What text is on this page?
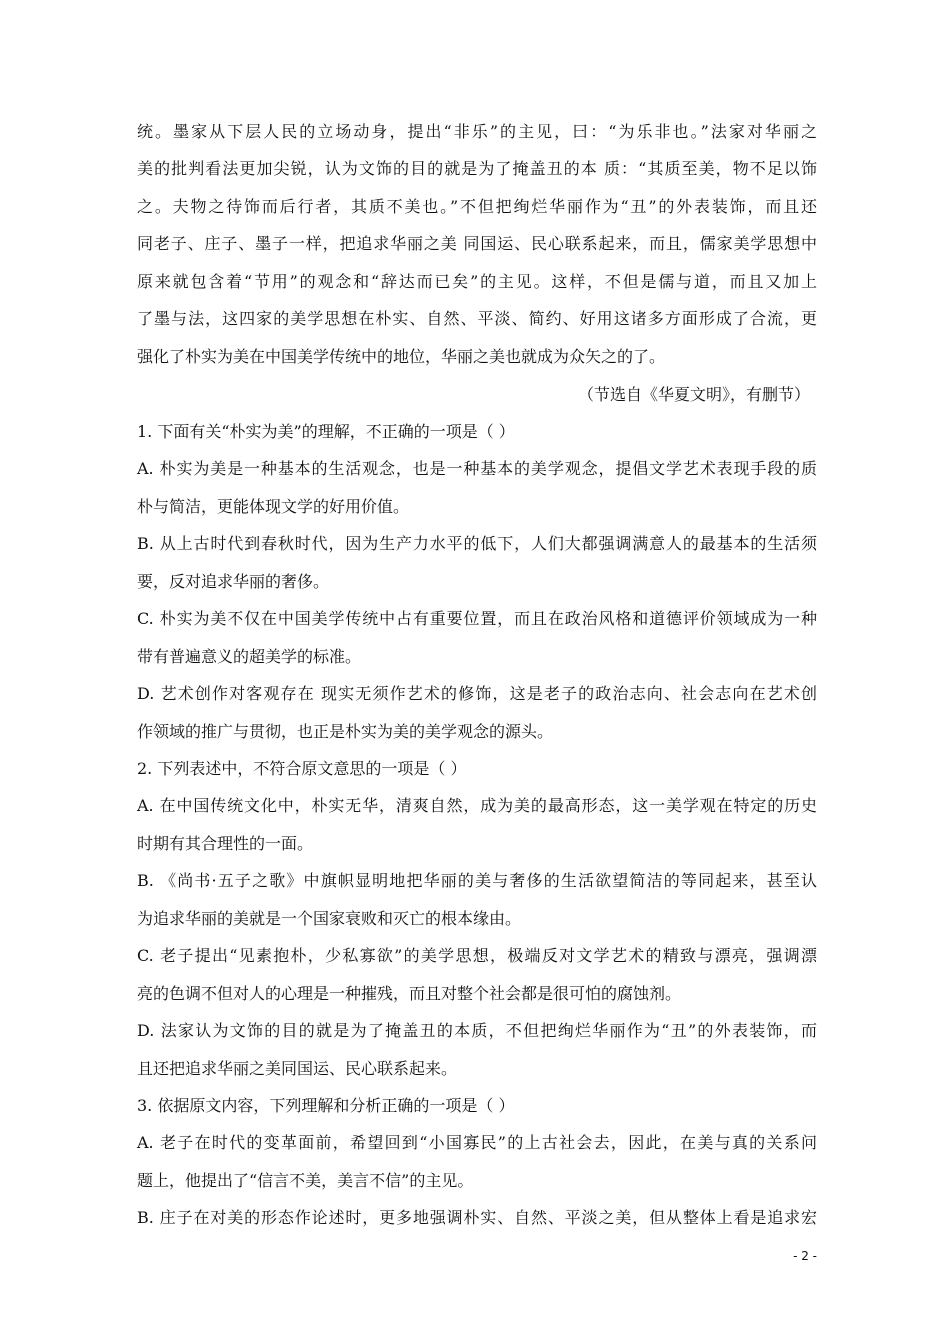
统。墨家从下层人民的立场动身，提出“非乐”的主见，曰：“为乐非也。”法家对华丽之
美的批判看法更加尖锐，认为文饰的目的就是为了掩盖丑的本 质：“其质至美，物不足以饰
之。夫物之待饰而后行者，其质不美也。”不但把绚烂华丽作为“丑”的外表装饰，而且还
同老子、庄子、墨子一样，把追求华丽之美 同国运、民心联系起来，而且，儒家美学思想中
原来就包含着“节用”的观念和“辞达而已矣”的主见。这样，不但是儒与道，而且又加上
了墨与法，这四家的美学思想在朴实、自然、平淡、简约、好用这诸多方面形成了合流，更
强化了朴实为美在中国美学传统中的地位，华丽之美也就成为众矢之的了。
（节选自《华夏文明》，有删节）
1. 下面有关“朴实为美”的理解，不正确的一项是（ ）
A. 朴实为美是一种基本的生活观念，也是一种基本的美学观念，提倡文学艺术表现手段的质
朴与简洁，更能体现文学的好用价值。
B. 从上古时代到春秋时代，因为生产力水平的低下，人们大都强调满意人的最基本的生活须
要，反对追求华丽的奢侈。
C. 朴实为美不仅在中国美学传统中占有重要位置，而且在政治风格和道德评价领域成为一种
带有普遍意义的超美学的标准。
D. 艺术创作对客观存在 现实无须作艺术的修饰，这是老子的政治志向、社会志向在艺术创
作领域的推广与贯彻，也正是朴实为美的美学观念的源头。
2. 下列表述中，不符合原文意思的一项是（ ）
A. 在中国传统文化中，朴实无华，清爽自然，成为美的最高形态，这一美学观在特定的历史
时期有其合理性的一面。
B. 《尚书·五子之歌》中旗帜显明地把华丽的美与奢侈的生活欲望简洁的等同起来，甚至认
为追求华丽的美就是一个国家衰败和灭亡的根本缘由。
C. 老子提出“见素抱朴，少私寡欲”的美学思想，极端反对文学艺术的精致与漂亮，强调漂
亮的色调不但对人的心理是一种摧残，而且对整个社会都是很可怕的腐蚀剂。
D. 法家认为文饰的目的就是为了掩盖丑的本质，不但把绚烂华丽作为“丑”的外表装饰，而
且还把追求华丽之美同国运、民心联系起来。
3. 依据原文内容，下列理解和分析正确的一项是（ ）
A. 老子在时代的变革面前，希望回到“小国寡民”的上古社会去，因此，在美与真的关系问
题上，他提出了“信言不美，美言不信”的主见。
B. 庄子在对美的形态作论述时，更多地强调朴实、自然、平淡之美，但从整体上看是追求宏
- 2 -
